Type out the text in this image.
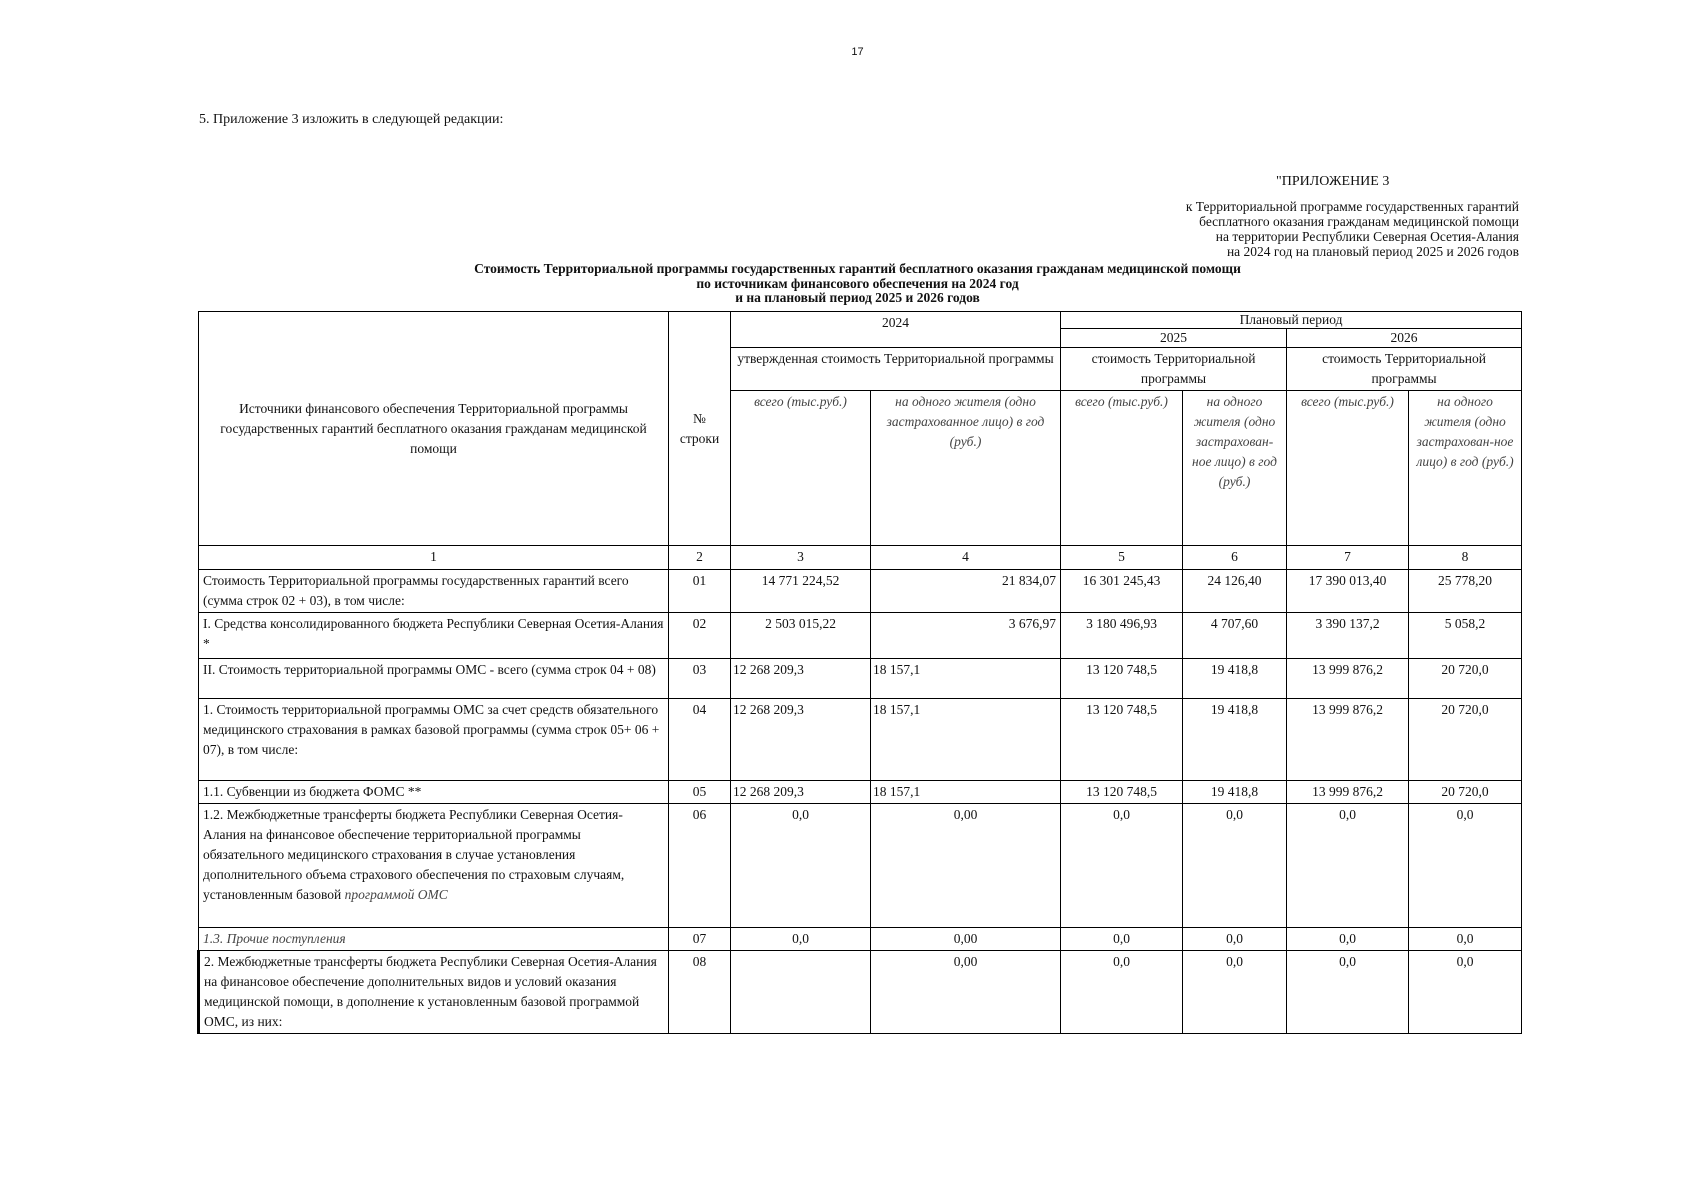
17
5. Приложение 3 изложить в следующей редакции:
"ПРИЛОЖЕНИЕ 3
к Территориальной программе государственных гарантий
бесплатного оказания гражданам медицинской помощи
на территории Республики Северная Осетия-Алания
на 2024 год на плановый период 2025 и 2026 годов
Стоимость Территориальной программы государственных гарантий бесплатного оказания гражданам медицинской помощи
по источникам финансового обеспечения на 2024 год
и на плановый период 2025 и 2026 годов
Источники финансового обеспечения Территориальной программы государственных гарантий бесплатного оказания гражданам медицинской помощи	№ строки	2024		Плановый период			
				2025		2026	
		утвержденная стоимость Территориальной программы		стоимость Территориальной программы		стоимость Территориальной программы	
		всего (тыс.руб.)	на одного жителя (одно застрахованное лицо) в год (руб.)	всего (тыс.руб.)	на одного жителя (одно застрахован-ное лицо) в год (руб.)	всего (тыс.руб.)	на одного жителя (одно застрахован-ное лицо) в год (руб.)

1	2	3	4	5	6	7	8
Стоимость Территориальной программы государственных гарантий всего (сумма строк 02 + 03), в том числе:	01	14 771 224,52	21 834,07	16 301 245,43	24 126,40	17 390 013,40	25 778,20
I. Средства консолидированного бюджета Республики Северная Осетия-Алания *	02	2 503 015,22	3 676,97	3 180 496,93	4 707,60	3 390 137,2	5 058,2
II. Стоимость территориальной программы ОМС - всего (сумма строк 04 + 08)	03	12 268 209,3	18 157,1	13 120 748,5	19 418,8	13 999 876,2	20 720,0
1. Стоимость территориальной программы ОМС за счет средств обязательного медицинского страхования в рамках базовой программы (сумма строк 05+ 06 + 07), в том числе:	04	12 268 209,3	18 157,1	13 120 748,5	19 418,8	13 999 876,2	20 720,0
1.1. Субвенции из бюджета ФОМС **	05	12 268 209,3	18 157,1	13 120 748,5	19 418,8	13 999 876,2	20 720,0
1.2. Межбюджетные трансферты бюджета Республики Северная Осетия-Алания на финансовое обеспечение территориальной программы обязательного медицинского страхования в случае установления дополнительного объема страхового обеспечения по страховым случаям, установленным базовой программой ОМС	06	0,0	0,00	0,0	0,0	0,0	0,0
1.3. Прочие поступления	07	0,0	0,00	0,0	0,0	0,0	0,0
2. Межбюджетные трансферты бюджета Республики Северная Осетия-Алания на финансовое обеспечение дополнительных видов и условий оказания медицинской помощи, в дополнение к установленным базовой программой ОМС, из них:	08		0,00	0,0	0,0	0,0	0,0
